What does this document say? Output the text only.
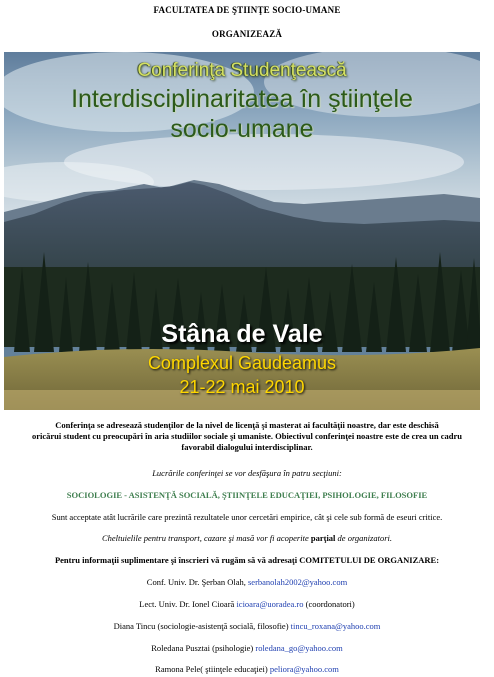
FACULTATEA DE ŞTIINŢE SOCIO-UMANE
ORGANIZEAZĂ
Conferinţa Studenţească
Interdisciplinaritatea în ştiinţele
socio-umane
Stâna de Vale
Complexul Gaudeamus
21-22 mai 2010
Conferinţa se adresează studenţilor de la nivel de licenţă şi masterat ai facultăţii noastre, dar este deschisă
oricărui student cu preocupări în aria studiilor sociale şi umaniste. Obiectivul conferinţei noastre este de crea un cadru
favorabil dialogului interdisciplinar.
Lucrările conferinţei se vor desfăşura în patru secţiuni:
SOCIOLOGIE - ASISTENŢĂ SOCIALĂ, ŞTIINŢELE EDUCAŢIEI, PSIHOLOGIE, FILOSOFIE
Sunt acceptate atât lucrările care prezintă rezultatele unor cercetări empirice, cât şi cele sub formă de eseuri critice.
Cheltuielile pentru transport, cazare şi masă vor fi acoperite parţial de organizatori.
Pentru informaţii suplimentare şi înscrieri vă rugăm să vă adresaţi COMITETULUI DE ORGANIZARE:
Conf. Univ. Dr. Şerban Olah, serbanolah2002@yahoo.com
Lect. Univ. Dr. Ionel Cioară icioara@uoradea.ro (coordonatori)
Diana Tincu (sociologie-asistenţă socială, filosofie) tincu_roxana@yahoo.com
Roledana Pusztai (psihologie) roledana_go@yahoo.com
Ramona Pele( ştiinţele educaţiei) peliora@yahoo.com
